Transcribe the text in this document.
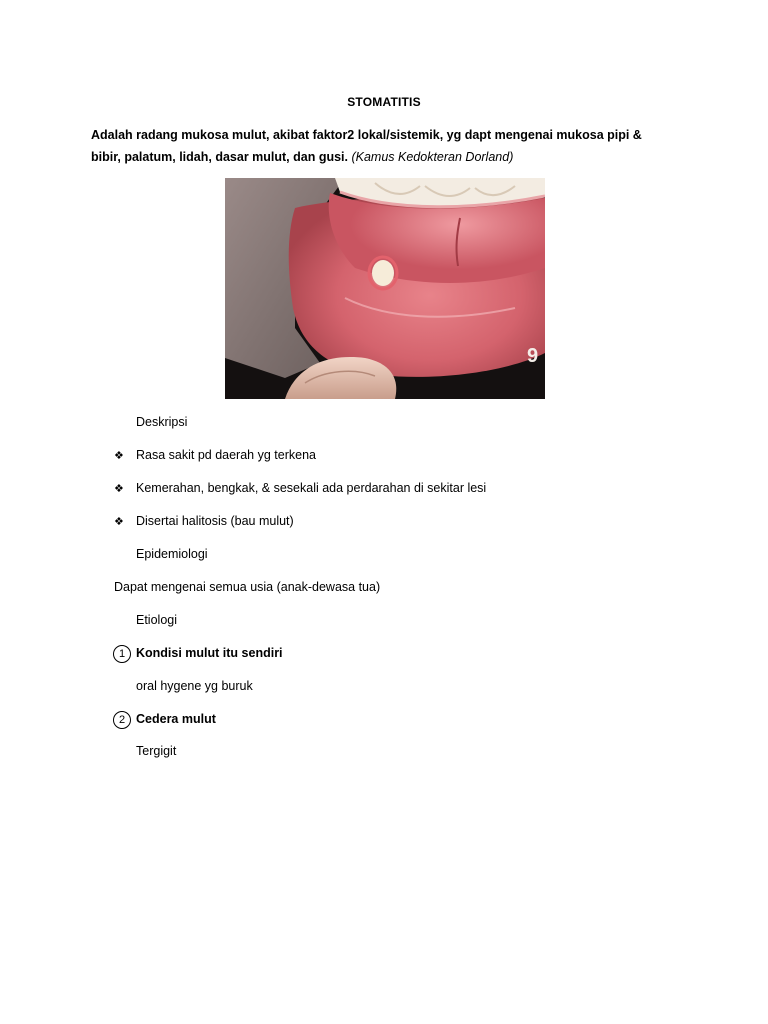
STOMATITIS
Adalah radang mukosa mulut, akibat faktor2 lokal/sistemik, yg dapt mengenai mukosa pipi & bibir, palatum, lidah, dasar mulut, dan gusi. (Kamus Kedokteran Dorland)
9
Deskripsi
❖ Rasa sakit pd daerah yg terkena
❖ Kemerahan, bengkak, & sesekali ada perdarahan di sekitar lesi
❖ Disertai halitosis (bau mulut)
Epidemiologi
Dapat mengenai semua usia (anak-dewasa tua)
Etiologi
1 Kondisi mulut itu sendiri
oral hygene yg buruk
2 Cedera mulut
Tergigit
